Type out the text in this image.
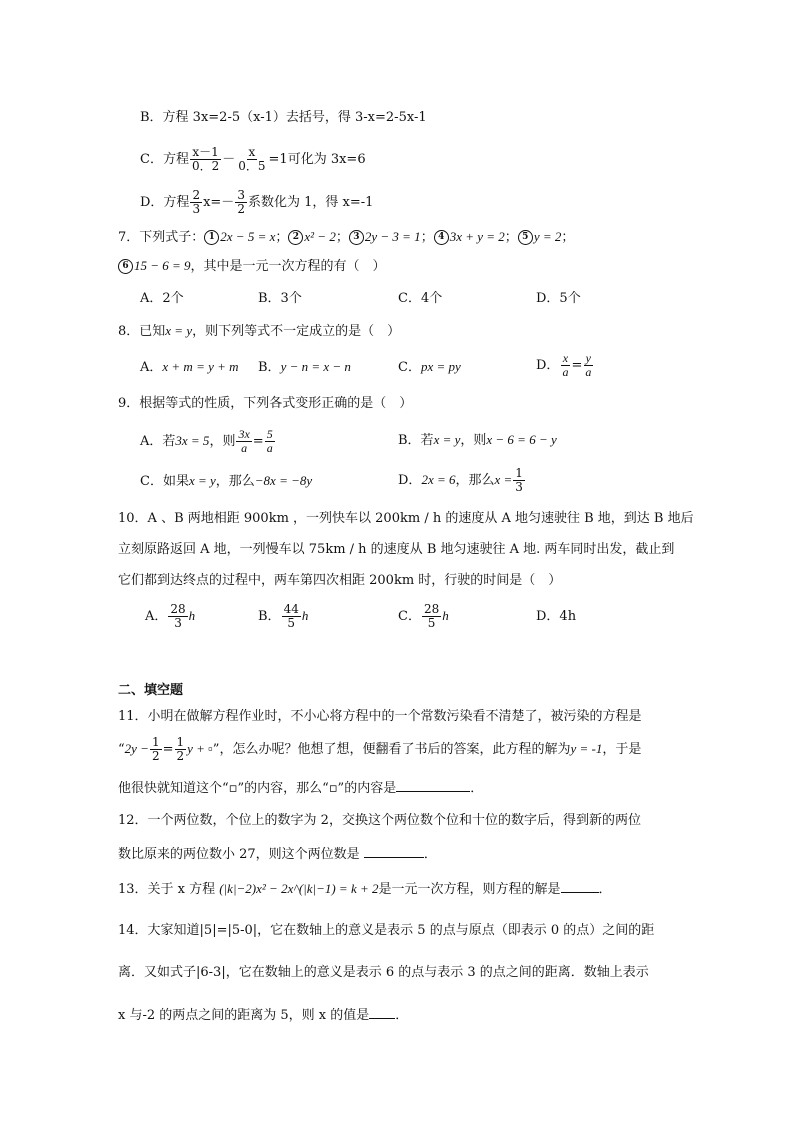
B．方程 3x=2-5（x-1）去括号，得 3-x=2-5x-1
C．方程 $\frac{x-1}{0.2} - \frac{x}{0.5} =1$可化为 3x=6
D．方程 $\frac{2}{3} x=- \frac{3}{2}$ 系数化为 1，得 x=-1
7．下列式子： 1 2x − 5 = x； 2 x² − 2； 3 2y − 3 = 1； 4 3x + y = 2； 5 y = 2；
6 15 − 6 = 9，其中是一元一次方程的有（　）
A．2个	B．3个	C．4个	D．5个
8．已知x = y，则下列等式不一定成立的是（　）
A．x + m = y + m B．y − n = x − n	C．px = py	D． $\frac{x}{a} = \frac{y}{a}$
9．根据等式的性质，下列各式变形正确的是（　）
A．若3x = 5，则 $\frac{3x}{a} = \frac{5}{a}$	B．若x = y，则x − 6 = 6 − y
C．如果x = y，那么−8x = −8y	D．2x = 6，那么$x = \frac{1}{3}$
10．A 、B 两地相距 900km ，一列快车以 200km / h 的速度从 A 地匀速驶往 B 地，到达 B 地后
立刻原路返回 A 地，一列慢车以 75km / h 的速度从 B 地匀速驶往 A 地. 两车同时出发，截止到
它们都到达终点的过程中，两车第四次相距 200km 时，行驶的时间是（　）
A． $\frac{28}{3}$ h	B． $\frac{44}{5}$ h	C． $\frac{28}{5}$ h	D．4h
二、填空题
11．小明在做解方程作业时，不小心将方程中的一个常数污染看不清楚了，被污染的方程是
“$2y - \frac{1}{2} = \frac{1}{2}$ y + ▫”，怎么办呢？他想了想，便翻看了书后的答案，此方程的解为y = -1，于是
他很快就知道这个“▫”的内容，那么“▫”的内容是	．
12．一个两位数，个位上的数字为 2，交换这个两位数个位和十位的数字后，得到新的两位
数比原来的两位数小 27，则这个两位数是	．
13．关于 x 方程 (|k|−2)x² − 2x^(|k|−1) = k + 2是一元一次方程，则方程的解是	．
14．大家知道|5|=|5-0|，它在数轴上的意义是表示 5 的点与原点（即表示 0 的点）之间的距
离．又如式子|6-3|，它在数轴上的意义是表示 6 的点与表示 3 的点之间的距离．数轴上表示
x 与-2 的两点之间的距离为 5，则 x 的值是 ．
